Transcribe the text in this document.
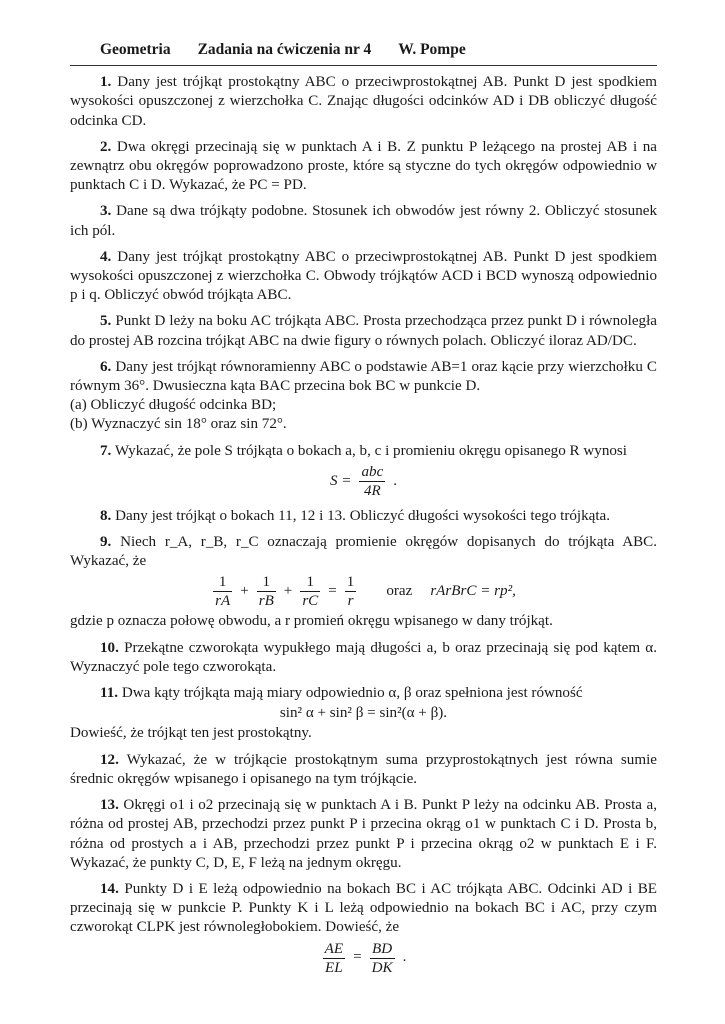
Geometria Zadania na ćwiczenia nr 4 W. Pompe
1. Dany jest trójkąt prostokątny ABC o przeciwprostokątnej AB. Punkt D jest spodkiem wysokości opuszczonej z wierzchołka C. Znając długości odcinków AD i DB obliczyć długość odcinka CD.
2. Dwa okręgi przecinają się w punktach A i B. Z punktu P leżącego na prostej AB i na zewnątrz obu okręgów poprowadzono proste, które są styczne do tych okręgów odpowiednio w punktach C i D. Wykazać, że PC = PD.
3. Dane są dwa trójkąty podobne. Stosunek ich obwodów jest równy 2. Obliczyć stosunek ich pól.
4. Dany jest trójkąt prostokątny ABC o przeciwprostokątnej AB. Punkt D jest spodkiem wysokości opuszczonej z wierzchołka C. Obwody trójkątów ACD i BCD wynoszą odpowiednio p i q. Obliczyć obwód trójkąta ABC.
5. Punkt D leży na boku AC trójkąta ABC. Prosta przechodząca przez punkt D i równoległa do prostej AB rozcina trójkąt ABC na dwie figury o równych polach. Obliczyć iloraz AD/DC.
6. Dany jest trójkąt równoramienny ABC o podstawie AB=1 oraz kącie przy wierzchołku C równym 36°. Dwusieczna kąta BAC przecina bok BC w punkcie D.
(a) Obliczyć długość odcinka BD;
(b) Wyznaczyć sin 18° oraz sin 72°.
7. Wykazać, że pole S trójkąta o bokach a, b, c i promieniu okręgu opisanego R wynosi
$S = \frac{\text{abc}}{4R}$ .
8. Dany jest trójkąt o bokach 11, 12 i 13. Obliczyć długości wysokości tego trójkąta.
9. Niech r_A, r_B, r_C oznaczają promienie okręgów dopisanych do trójkąta ABC. Wykazać, że
$\frac{1}{rA} + \frac{1}{rB} + \frac{1}{rC} = \frac{1}{r}$ oraz rArBrC = rp²,
gdzie p oznacza połowę obwodu, a r promień okręgu wpisanego w dany trójkąt.
10. Przekątne czworokąta wypukłego mają długości a, b oraz przecinają się pod kątem α. Wyznaczyć pole tego czworokąta.
11. Dwa kąty trójkąta mają miary odpowiednio α, β oraz spełniona jest równość
sin² α + sin² β = sin²(α + β).
Dowieść, że trójkąt ten jest prostokątny.
12. Wykazać, że w trójkącie prostokątnym suma przyprostokątnych jest równa sumie średnic okręgów wpisanego i opisanego na tym trójkącie.
13. Okręgi o1 i o2 przecinają się w punktach A i B. Punkt P leży na odcinku AB. Prosta a, różna od prostej AB, przechodzi przez punkt P i przecina okrąg o1 w punktach C i D. Prosta b, różna od prostych a i AB, przechodzi przez punkt P i przecina okrąg o2 w punktach E i F. Wykazać, że punkty C, D, E, F leżą na jednym okręgu.
14. Punkty D i E leżą odpowiednio na bokach BC i AC trójkąta ABC. Odcinki AD i BE przecinają się w punkcie P. Punkty K i L leżą odpowiednio na bokach BC i AC, przy czym czworokąt CLPK jest równoległobokiem. Dowieść, że
$\frac{AE}{EL} = \frac{BD}{DK}$ .
